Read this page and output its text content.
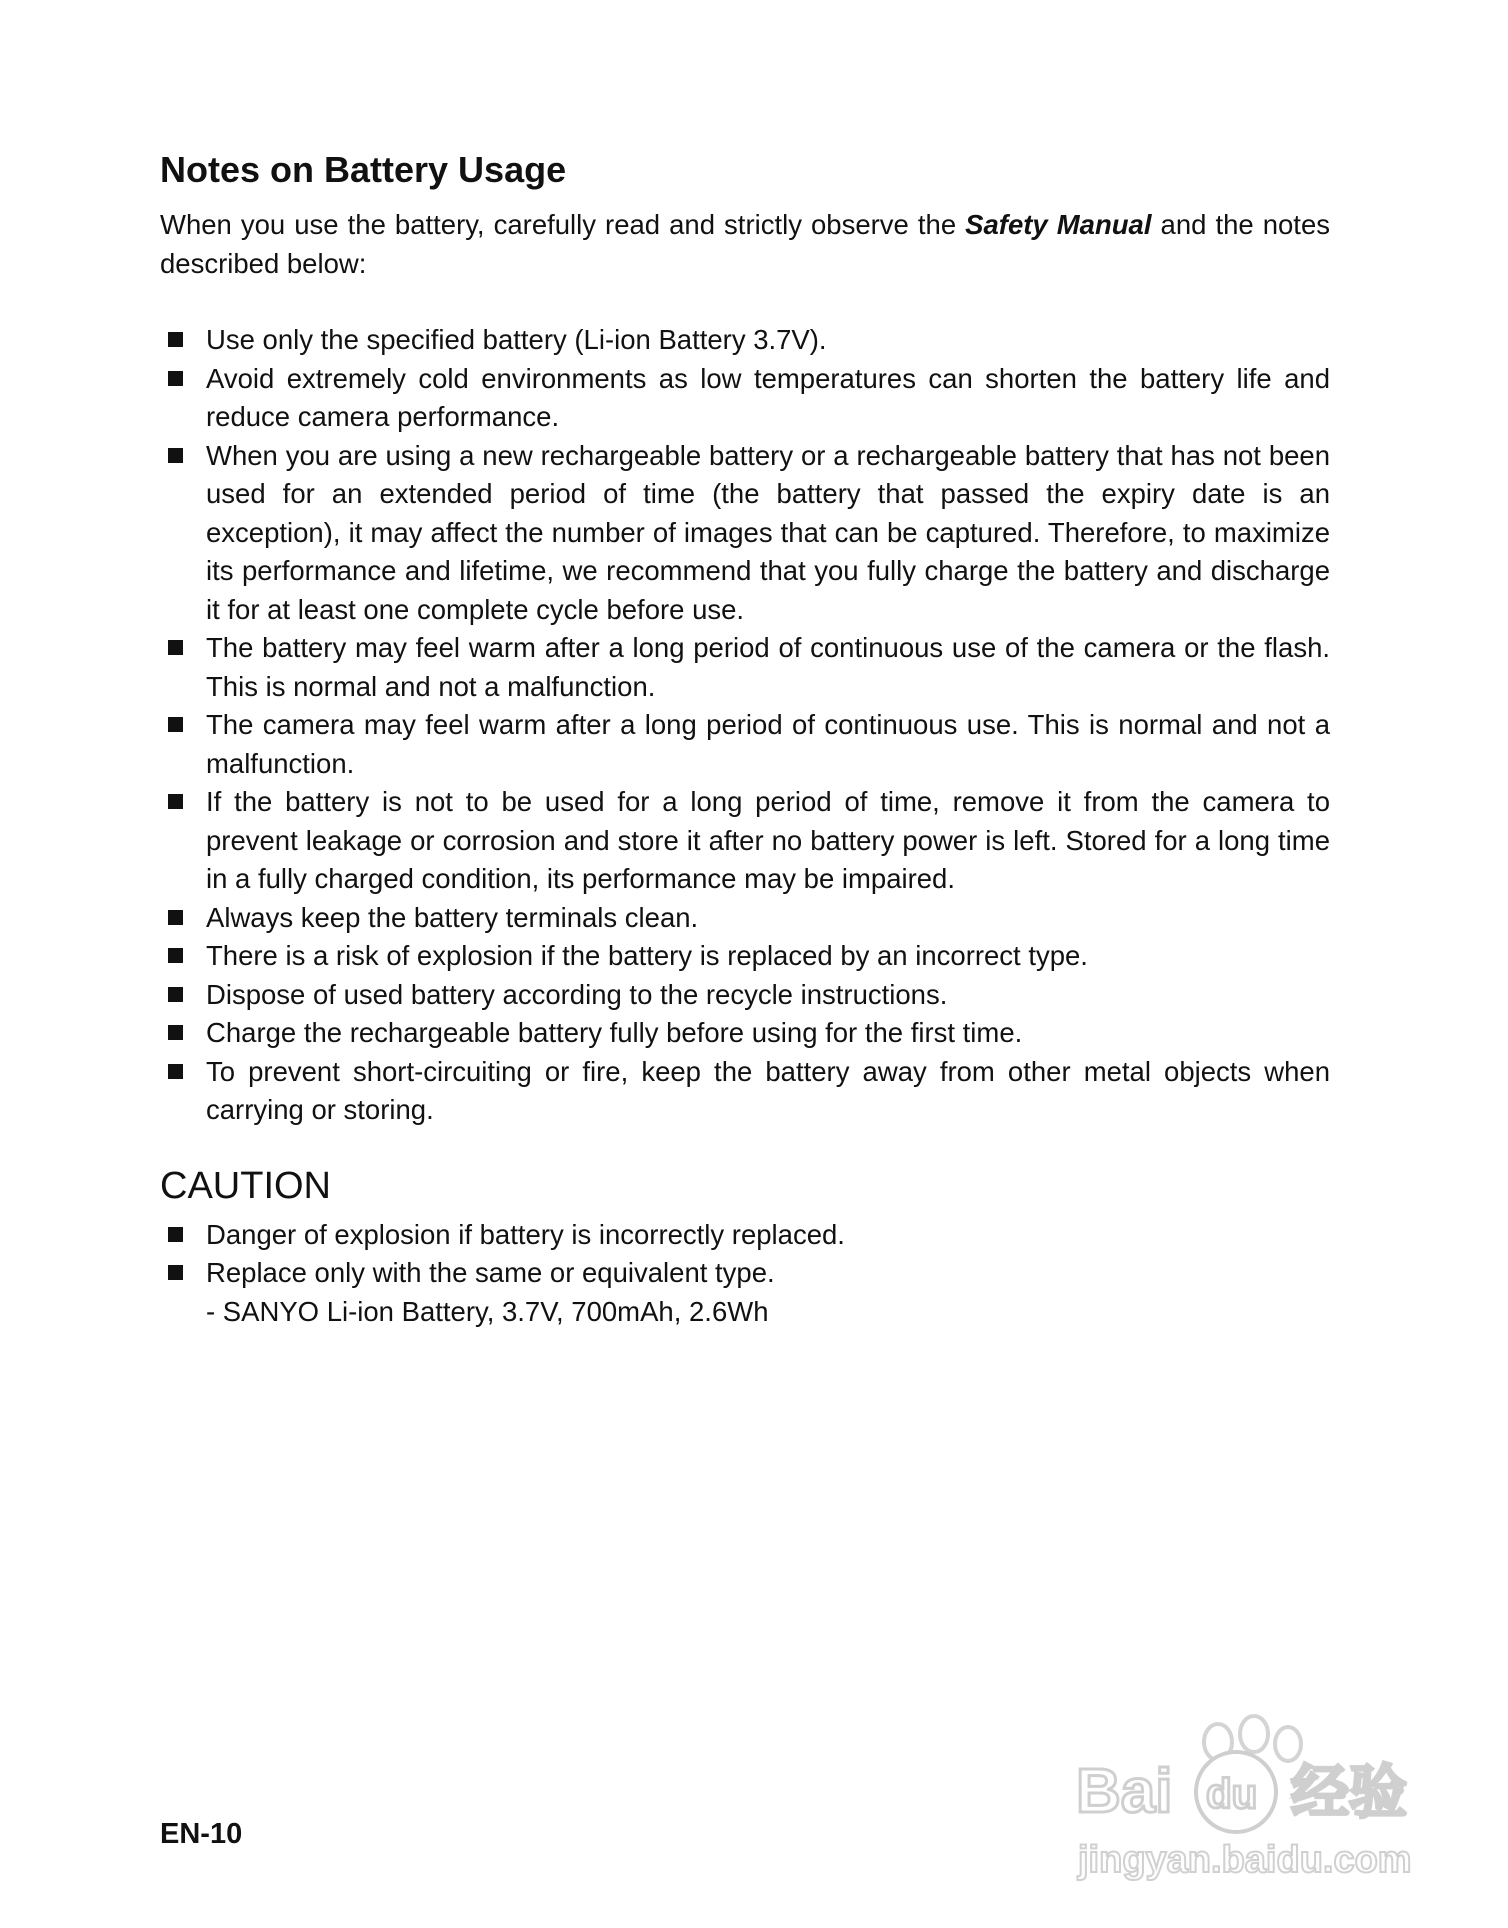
Notes on Battery Usage

When you use the battery, carefully read and strictly observe the Safety Manual and the notes described below:

Use only the specified battery (Li-ion Battery 3.7V).
Avoid extremely cold environments as low temperatures can shorten the battery life and reduce camera performance.
When you are using a new rechargeable battery or a rechargeable battery that has not been used for an extended period of time (the battery that passed the expiry date is an exception), it may affect the number of images that can be captured. Therefore, to maximize its performance and lifetime, we recommend that you fully charge the battery and discharge it for at least one complete cycle before use.
The battery may feel warm after a long period of continuous use of the camera or the flash. This is normal and not a malfunction.
The camera may feel warm after a long period of continuous use. This is normal and not a malfunction.
If the battery is not to be used for a long period of time, remove it from the camera to prevent leakage or corrosion and store it after no battery power is left. Stored for a long time in a fully charged condition, its performance may be impaired.
Always keep the battery terminals clean.
There is a risk of explosion if the battery is replaced by an incorrect type.
Dispose of used battery according to the recycle instructions.
Charge the rechargeable battery fully before using for the first time.
To prevent short-circuiting or fire, keep the battery away from other metal objects when carrying or storing.
CAUTION
Danger of explosion if battery is incorrectly replaced.
Replace only with the same or equivalent type.
- SANYO Li-ion Battery, 3.7V, 700mAh, 2.6Wh
EN-10
Bai du 经验
jingyan.baidu.com
